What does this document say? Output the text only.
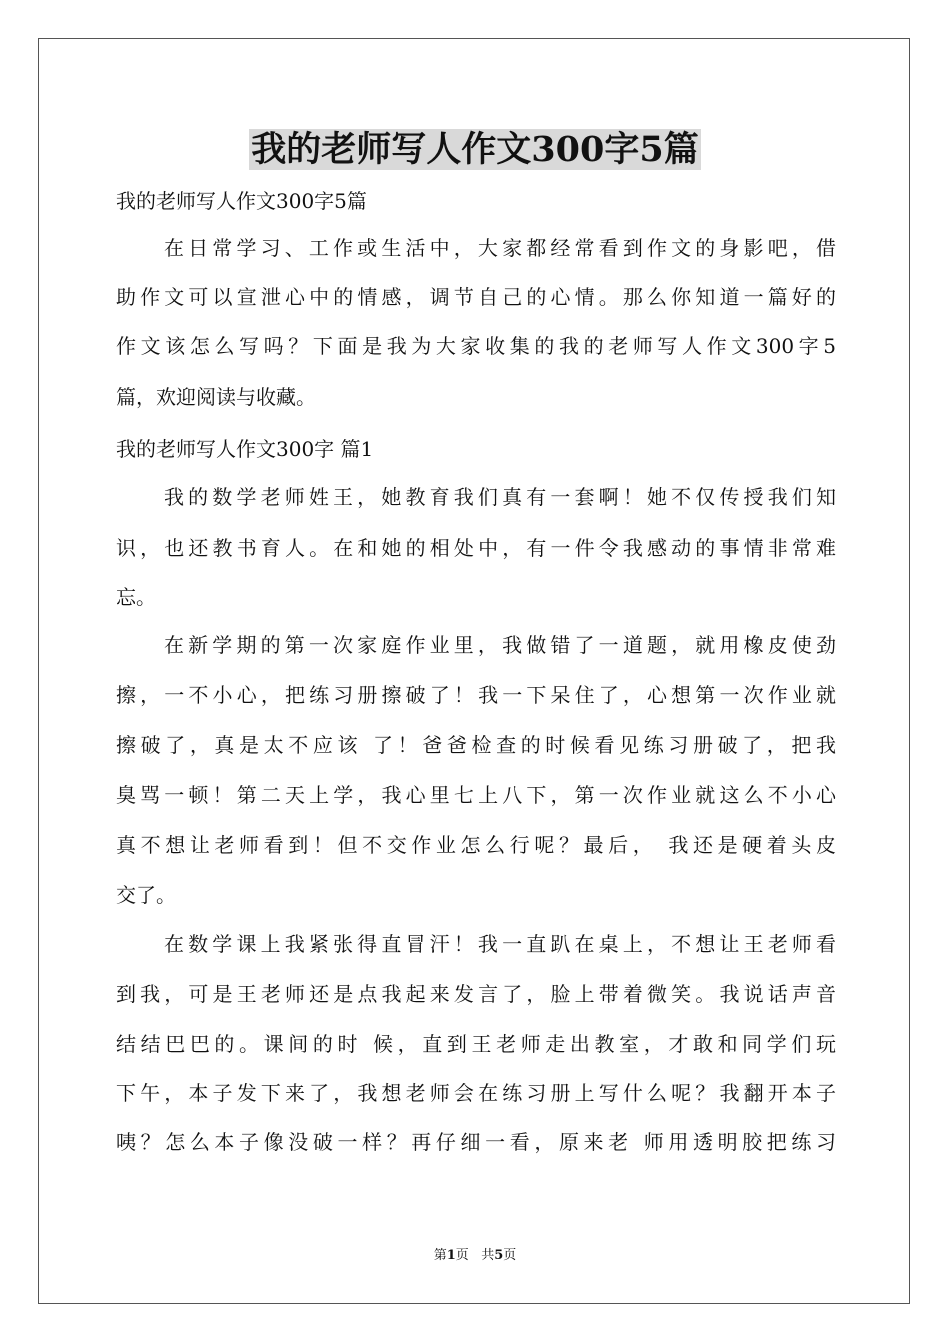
我的老师写人作文300字5篇
我的老师写人作文300字5篇
在日常学习、工作或生活中，大家都经常看到作文的身影吧，借
助作文可以宣泄心中的情感，调节自己的心情。那么你知道一篇好的
作文该怎么写吗？下面是我为大家收集的我的老师写人作文300字5
篇，欢迎阅读与收藏。
我的老师写人作文300字 篇1
我的数学老师姓王，她教育我们真有一套啊！她不仅传授我们知
识，也还教书育人。在和她的相处中，有一件令我感动的事情非常难
忘。
在新学期的第一次家庭作业里，我做错了一道题，就用橡皮使劲
擦，一不小心，把练习册擦破了！我一下呆住了，心想第一次作业就
擦破了，真是太不应该 了！爸爸检查的时候看见练习册破了，把我
臭骂一顿！第二天上学，我心里七上八下，第一次作业就这么不小心
真不想让老师看到！但不交作业怎么行呢？最后， 我还是硬着头皮
交了。
在数学课上我紧张得直冒汗！我一直趴在桌上，不想让王老师看
到我，可是王老师还是点我起来发言了，脸上带着微笑。我说话声音
结结巴巴的。课间的时 候，直到王老师走出教室，才敢和同学们玩
下午，本子发下来了，我想老师会在练习册上写什么呢？我翻开本子
咦？怎么本子像没破一样？再仔细一看，原来老 师用透明胶把练习
第1页   共5页
